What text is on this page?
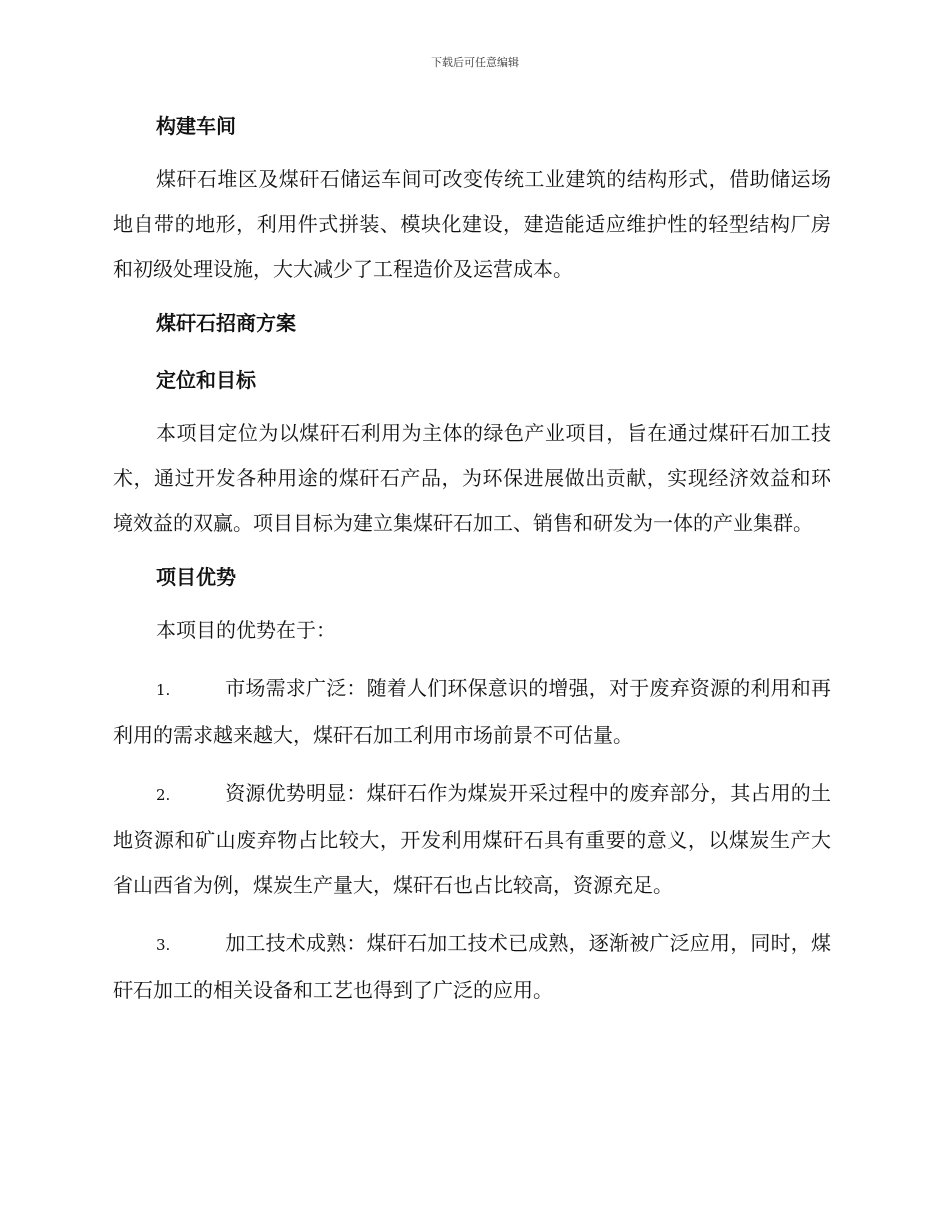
下载后可任意编辑
构建车间

煤矸石堆区及煤矸石储运车间可改变传统工业建筑的结构形式，借助储运场地自带的地形，利用件式拼装、模块化建设，建造能适应维护性的轻型结构厂房和初级处理设施，大大减少了工程造价及运营成本。

煤矸石招商方案
定位和目标

本项目定位为以煤矸石利用为主体的绿色产业项目，旨在通过煤矸石加工技术，通过开发各种用途的煤矸石产品，为环保进展做出贡献，实现经济效益和环境效益的双赢。项目目标为建立集煤矸石加工、销售和研发为一体的产业集群。

项目优势

本项目的优势在于：

1.	市场需求广泛：随着人们环保意识的增强，对于废弃资源的利用和再利用的需求越来越大，煤矸石加工利用市场前景不可估量。
2.	资源优势明显：煤矸石作为煤炭开采过程中的废弃部分，其占用的土地资源和矿山废弃物占比较大，开发利用煤矸石具有重要的意义，以煤炭生产大省山西省为例，煤炭生产量大，煤矸石也占比较高，资源充足。
3.	加工技术成熟：煤矸石加工技术已成熟，逐渐被广泛应用，同时，煤矸石加工的相关设备和工艺也得到了广泛的应用。
